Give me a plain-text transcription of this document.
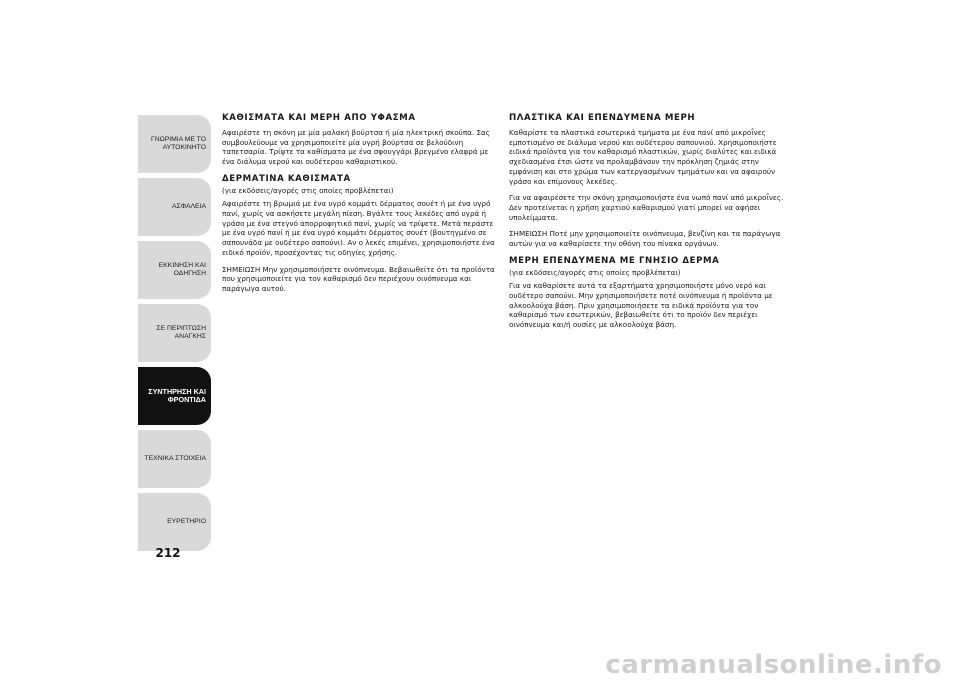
ΓΝΩΡΙΜΙΑ ΜΕ ΤΟ
ΑΥΤΟΚΙΝΗΤΟ
ΑΣΦΑΛΕΙΑ
ΕΚΚΙΝΗΣΗ ΚΑΙ
ΟΔΗΓΗΣΗ
ΣΕ ΠΕΡΙΠΤΩΣΗ
ΑΝΑΓΚΗΣ
ΣΥΝΤΗΡΗΣΗ ΚΑΙ
ΦΡΟΝΤΙΔΑ
ΤΕΧΝΙΚΑ ΣΤΟΙΧΕΙΑ
ΕΥΡΕΤΗΡΙΟ
212
ΚΑΘΙΣΜΑΤΑ ΚΑΙ ΜΕΡΗ ΑΠΟ ΥΦΑΣΜΑ

Αφαιρέστε τη σκόνη με μία μαλακή βούρτσα ή μία ηλεκτρική σκούπα. Σας συμβουλεύουμε να χρησιμοποιείτε μία υγρή βούρτσα σε βελούδινη ταπετσαρία. Τρίψτε τα καθίσματα με ένα σφουγγάρι βρεγμένο ελαφρά με ένα διάλυμα νερού και ουδέτερου καθαριστικού.

ΔΕΡΜΑΤΙΝΑ ΚΑΘΙΣΜΑΤΑ

(για εκδόσεις/αγορές στις οποίες προβλέπεται)

Αφαιρέστε τη βρωμιά με ένα υγρό κομμάτι δέρματος σουέτ ή με ένα υγρό πανί, χωρίς να ασκήσετε μεγάλη πίεση. Βγάλτε τους λεκέδες από υγρά ή γράσο με ένα στεγνό απορροφητικό πανί, χωρίς να τρίψετε. Μετά περάστε με ένα υγρό πανί ή με ένα υγρό κομμάτι δέρματος σουέτ (βουτηγμένο σε σαπουνάδα με ουδέτερο σαπούνι). Αν ο λεκές επιμένει, χρησιμοποιήστε ένα ειδικό προϊόν, προσέχοντας τις οδηγίες χρήσης.

ΣΗΜΕΙΩΣΗ Μην χρησιμοποιήσετε οινόπνευμα. Βεβαιωθείτε ότι τα προϊόντα που χρησιμοποιείτε για τον καθαρισμό δεν περιέχουν οινόπνευμα και παράγωγα αυτού.

ΠΛΑΣΤΙΚΑ ΚΑΙ ΕΠΕΝΔΥΜΕΝΑ ΜΕΡΗ

Καθαρίστε τα πλαστικά εσωτερικά τμήματα με ένα πανί από μικροΐνες εμποτισμένο σε διάλυμα νερού και ουδέτερου σαπουνιού. Χρησιμοποιήστε ειδικά προϊόντα για τον καθαρισμό πλαστικών, χωρίς διαλύτες και ειδικά σχεδιασμένα έτσι ώστε να προλαμβάνουν την πρόκληση ζημιάς στην εμφάνιση και στο χρώμα των κατεργασμένων τμημάτων και να αφαιρούν γράσο και επίμονους λεκέδες.

Για να αφαιρέσετε την σκόνη χρησιμοποιήστε ένα νωπό πανί από μικροΐνες. Δεν προτείνεται η χρήση χαρτιού καθαρισμού γιατί μπορεί να αφήσει υπολείμματα.

ΣΗΜΕΙΩΣΗ Ποτέ μην χρησιμοποιείτε οινόπνευμα, βενζίνη και τα παράγωγα αυτών για να καθαρίσετε την οθόνη του πίνακα οργάνων.

ΜΕΡΗ ΕΠΕΝΔΥΜΕΝΑ ΜΕ ΓΝΗΣΙΟ ΔΕΡΜΑ

(για εκδόσεις/αγορές στις οποίες προβλέπεται)

Για να καθαρίσετε αυτά τα εξαρτήματα χρησιμοποιήστε μόνο νερό και ουδέτερο σαπούνι. Μην χρησιμοποιήσετε ποτέ οινόπνευμα ή προϊόντα με αλκοολούχα βάση. Πριν χρησιμοποιήσετε τα ειδικά προϊόντα για τον καθαρισμό των εσωτερικών, βεβαιωθείτε ότι το προϊόν δεν περιέχει οινόπνευμα και/ή ουσίες με αλκοολούχα βάση.

carmanualsonline.info
